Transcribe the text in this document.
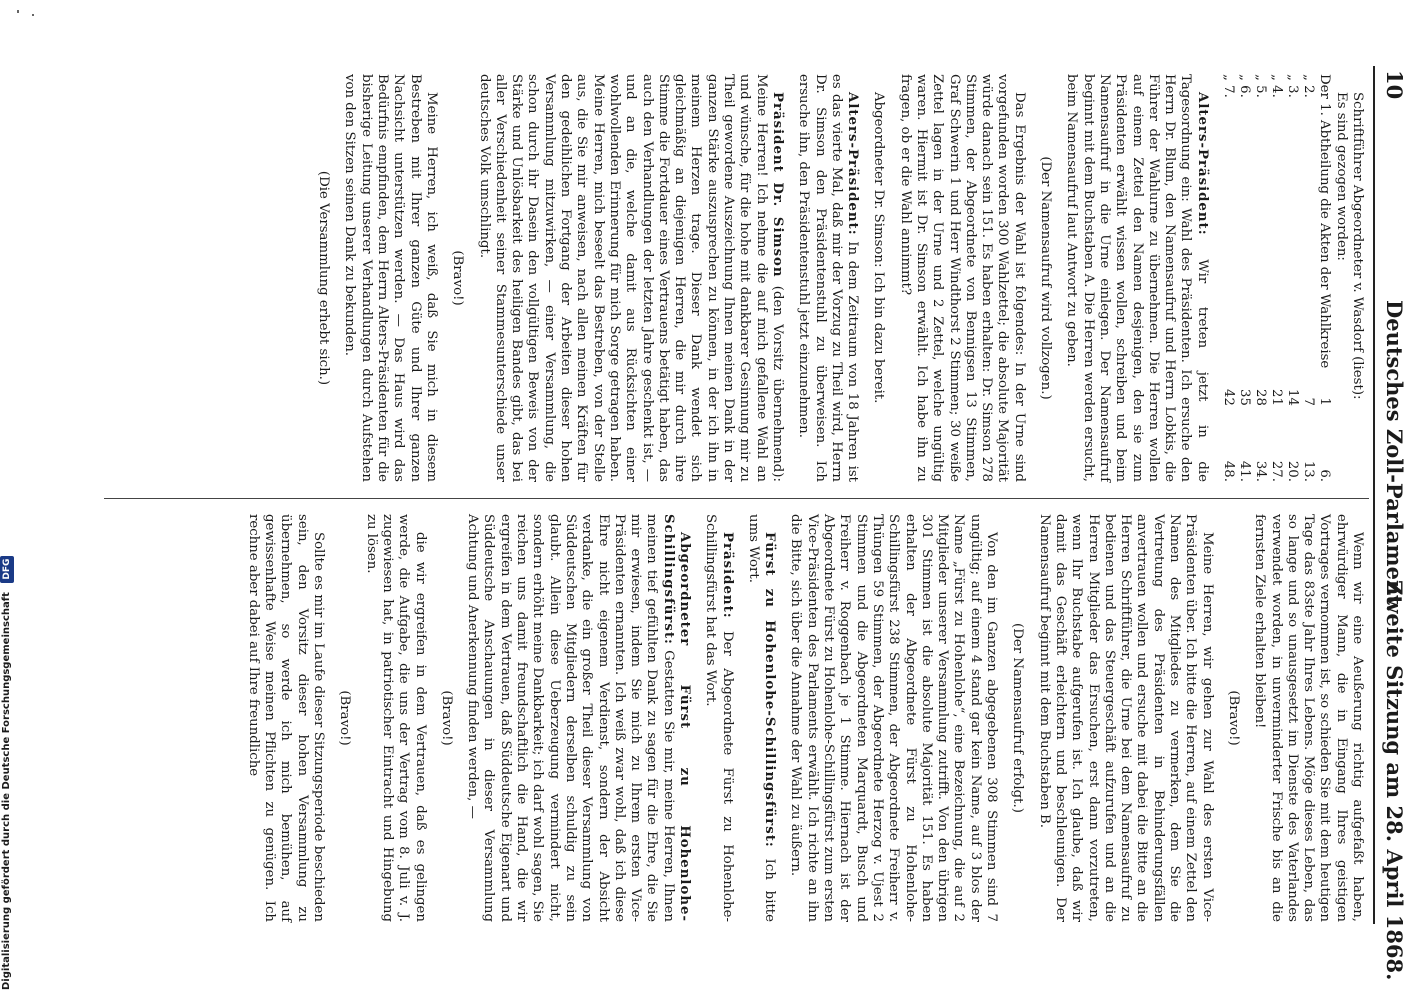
10
Deutsches Zoll-Parlament.
Zweite Sitzung am 28. April 1868.

Schriftführer Abgeordneter v. Wasdorf (liest):

Es sind gezogen worden:

Der 1. Abtheilung die Akten der Wahlkreise	1		6.
„ 2.	7		13.
„ 3.	14		20.
„ 4.	21		27.
„ 5.	28		34.
„ 6.	35		41.
„ 7.	42		48.

Alters-Präsident: Wir treten jetzt in die Tagesordnung ein: Wahl des Präsidenten. Ich ersuche den Herrn Dr. Blum, den Namensaufruf und Herrn Lobkis, die Führer der Wahlurne zu übernehmen. Die Herren wollen auf einem Zettel den Namen desjenigen, den sie zum Präsidenten erwählt wissen wollen, schreiben und beim Namensaufruf in die Urne einlegen. Der Namensaufruf beginnt mit dem Buchstaben A. Die Herren werden ersucht, beim Namensaufruf laut Antwort zu geben.

(Der Namensaufruf wird vollzogen.)

Das Ergebnis der Wahl ist folgendes: In der Urne sind vorgefunden worden 300 Wahlzettel; die absolute Majorität würde danach sein 151. Es haben erhalten: Dr. Simson 278 Stimmen, der Abgeordnete von Bennigsen 13 Stimmen, Graf Schwerin 1 und Herr Windthorst 2 Stimmen; 30 weiße Zettel lagen in der Urne und 2 Zettel, welche ungültig waren. Hiermit ist Dr. Simson erwählt. Ich habe ihn zu fragen, ob er die Wahl annimmt?

Abgeordneter Dr. Simson: Ich bin dazu bereit.

Alters-Präsident: In dem Zeitraum von 18 Jahren ist es das vierte Mal, daß mir der Vorzug zu Theil wird, Herrn Dr. Simson den Präsidentenstuhl zu überweisen. Ich ersuche ihn, den Präsidentenstuhl jetzt einzunehmen.

Präsident Dr. Simson (den Vorsitz übernehmend): Meine Herren! Ich nehme die auf mich gefallene Wahl an und wünsche, für die hohe mit dankbarer Gesinnung mir zu Theil gewordene Auszeichnung Ihnen meinen Dank in der ganzen Stärke auszusprechen zu können, in der ich ihn in meinem Herzen trage. Dieser Dank wendet sich gleichmäßig an diejenigen Herren, die mir durch ihre Stimme die Fortdauer eines Vertrauens betätigt haben, das auch den Verhandlungen der letzten Jahre geschenkt ist, — und an die, welche damit aus Rücksichten einer wohlwollenden Erinnerung für mich Sorge getragen haben. Meine Herren, mich beseelt das Bestreben, von der Stelle aus, die Sie mir anweisen, nach allen meinen Kräften für den gedeihlichen Fortgang der Arbeiten dieser hohen Versammlung mitzuwirken, — einer Versammlung, die schon durch ihr Dasein den vollgültigen Beweis von der Stärke und Unlösbarkeit des heiligen Bandes gibt, das bei aller Verschiedenheit seiner Stammesunterschiede unser deutsches Volk umschlingt.

(Bravo!)

Meine Herren, ich weiß, daß Sie mich in diesem Bestreben mit Ihrer ganzen Güte und Ihrer ganzen Nachsicht unterstützen werden. — Das Haus wird das Bedürfnis empfinden, dem Herrn Alters-Präsidenten für die bisherige Leitung unserer Verhandlungen durch Aufstehen von den Sitzen seinen Dank zu bekunden.

(Die Versammlung erhebt sich.)

Wenn wir eine Aeußerung richtig aufgefaßt haben, ehrwürdiger Mann, die in Eingang Ihres geistigen Vortrages vernommen ist, so schieden Sie mit dem heutigen Tage das 83ste Jahr Ihres Lebens. Möge dieses Leben, das so lange und so unausgesetzt im Dienste des Vaterlandes verwendet worden, in unverminderter Frische bis an die fernsten Ziele erhalten bleiben!

(Bravo!)

Meine Herren, wir gehen zur Wahl des ersten Vice-Präsidenten über. Ich bitte die Herren, auf einem Zettel den Namen des Mitgliedes zu vermerken, dem Sie die Vertretung des Präsidenten in Behinderungsfällen anvertrauen wollen und ersuche mit dabei die Bitte an die Herren Schriftführer, die Urne bei dem Namensaufruf zu bedienen und das Steuergeschäft aufzurufen und an die Herren Mitglieder das Ersuchen, erst dann vorzutreten, wenn Ihr Buchstabe aufgerufen ist. Ich glaube, daß wir damit das Geschäft erleichtern und beschleunigen. Der Namensaufruf beginnt mit dem Buchstaben B.

(Der Namensaufruf erfolgt.)

Von den im Ganzen abgegebenen 308 Stimmen sind 7 ungültig; auf einem 4 stand gar kein Name, auf 3 blos der Name „Fürst zu Hohenlohe“, eine Bezeichnung, die auf 2 Mitglieder unserer Versammlung zutrifft. Von den übrigen 301 Stimmen ist die absolute Majorität 151. Es haben erhalten der Abgeordnete Fürst zu Hohenlohe-Schillingsfürst 238 Stimmen, der Abgeordnete Freiherr v. Thüngen 59 Stimmen, der Abgeordnete Herzog v. Ujest 2 Stimmen und die Abgeordneten Marquardt, Busch und Freiherr v. Roggenbach je 1 Stimme. Hiernach ist der Abgeordnete Fürst zu Hohenlohe-Schillingsfürst zum ersten Vice-Präsidenten des Parlaments erwählt. Ich richte an ihn die Bitte, sich über die Annahme der Wahl zu äußern.

Fürst zu Hohenlohe-Schillingsfürst: Ich bitte ums Wort.

Präsident: Der Abgeordnete Fürst zu Hohenlohe-Schillingsfürst hat das Wort.

Abgeordneter Fürst zu Hohenlohe-Schillingsfürst: Gestatten Sie mir, meine Herren, Ihnen meinen tief gefühlten Dank zu sagen für die Ehre, die Sie mir erwiesen, indem Sie mich zu Ihrem ersten Vice-Präsidenten ernannten. Ich weiß zwar wohl, daß ich diese Ehre nicht eigenem Verdienst, sondern der Absicht verdanke, die ein großer Theil dieser Versammlung von Süddeutschen Mitgliedern derselben schuldig zu sein glaubt. Allein diese Ueberzeugung vermindert nicht, sondern erhöht meine Dankbarkeit; ich darf wohl sagen, Sie reichen uns damit freundschaftlich die Hand, die wir ergreifen in dem Vertrauen, daß Süddeutsche Eigenart und Süddeutsche Anschauungen in dieser Versammlung Achtung und Anerkennung finden werden, —

(Bravo!)

die wir ergreifen in dem Vertrauen, daß es gelingen werde, die Aufgabe, die uns der Vertrag vom 8. Juli v. J. zugewiesen hat, in patriotischer Eintracht und Hingebung zu lösen.

(Bravo!)

Sollte es mir im Laufe dieser Sitzungsperiode beschieden sein, den Vorsitz dieser hohen Versammlung zu übernehmen, so werde ich mich bemühen, auf gewissenhafte Weise meinen Pflichten zu genügen. Ich rechne aber dabei auf Ihre freundliche

Digitalisierung gefördert durch die Deutsche Forschungsgemeinschaft DFG
